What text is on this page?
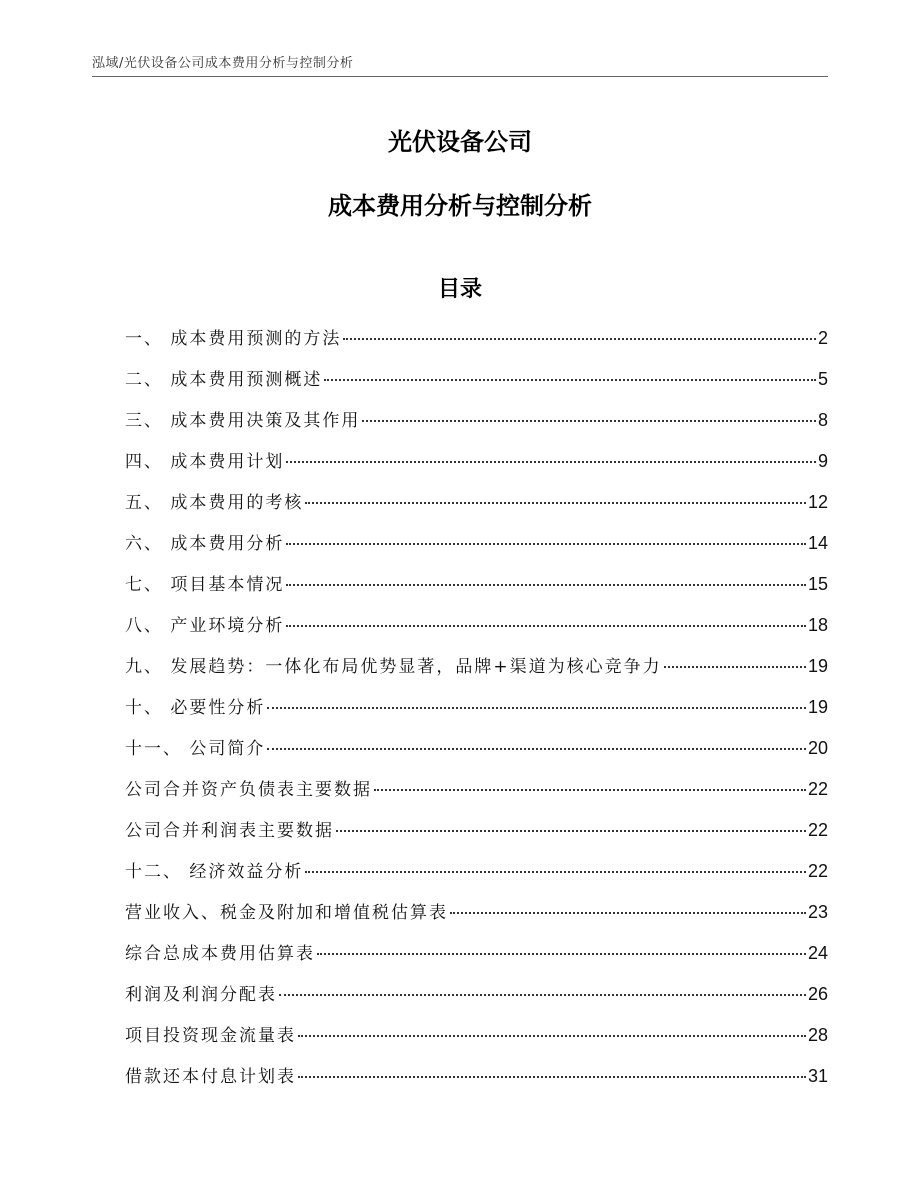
泓域/光伏设备公司成本费用分析与控制分析
光伏设备公司
成本费用分析与控制分析
目录
一、 成本费用预测的方法	2
二、 成本费用预测概述	5
三、 成本费用决策及其作用	8
四、 成本费用计划	9
五、 成本费用的考核	12
六、 成本费用分析	14
七、 项目基本情况	15
八、 产业环境分析	18
九、 发展趋势：一体化布局优势显著，品牌+渠道为核心竞争力	19
十、 必要性分析	19
十一、 公司简介	20
公司合并资产负债表主要数据	22
公司合并利润表主要数据	22
十二、 经济效益分析	22
营业收入、税金及附加和增值税估算表	23
综合总成本费用估算表	24
利润及利润分配表	26
项目投资现金流量表	28
借款还本付息计划表	31
